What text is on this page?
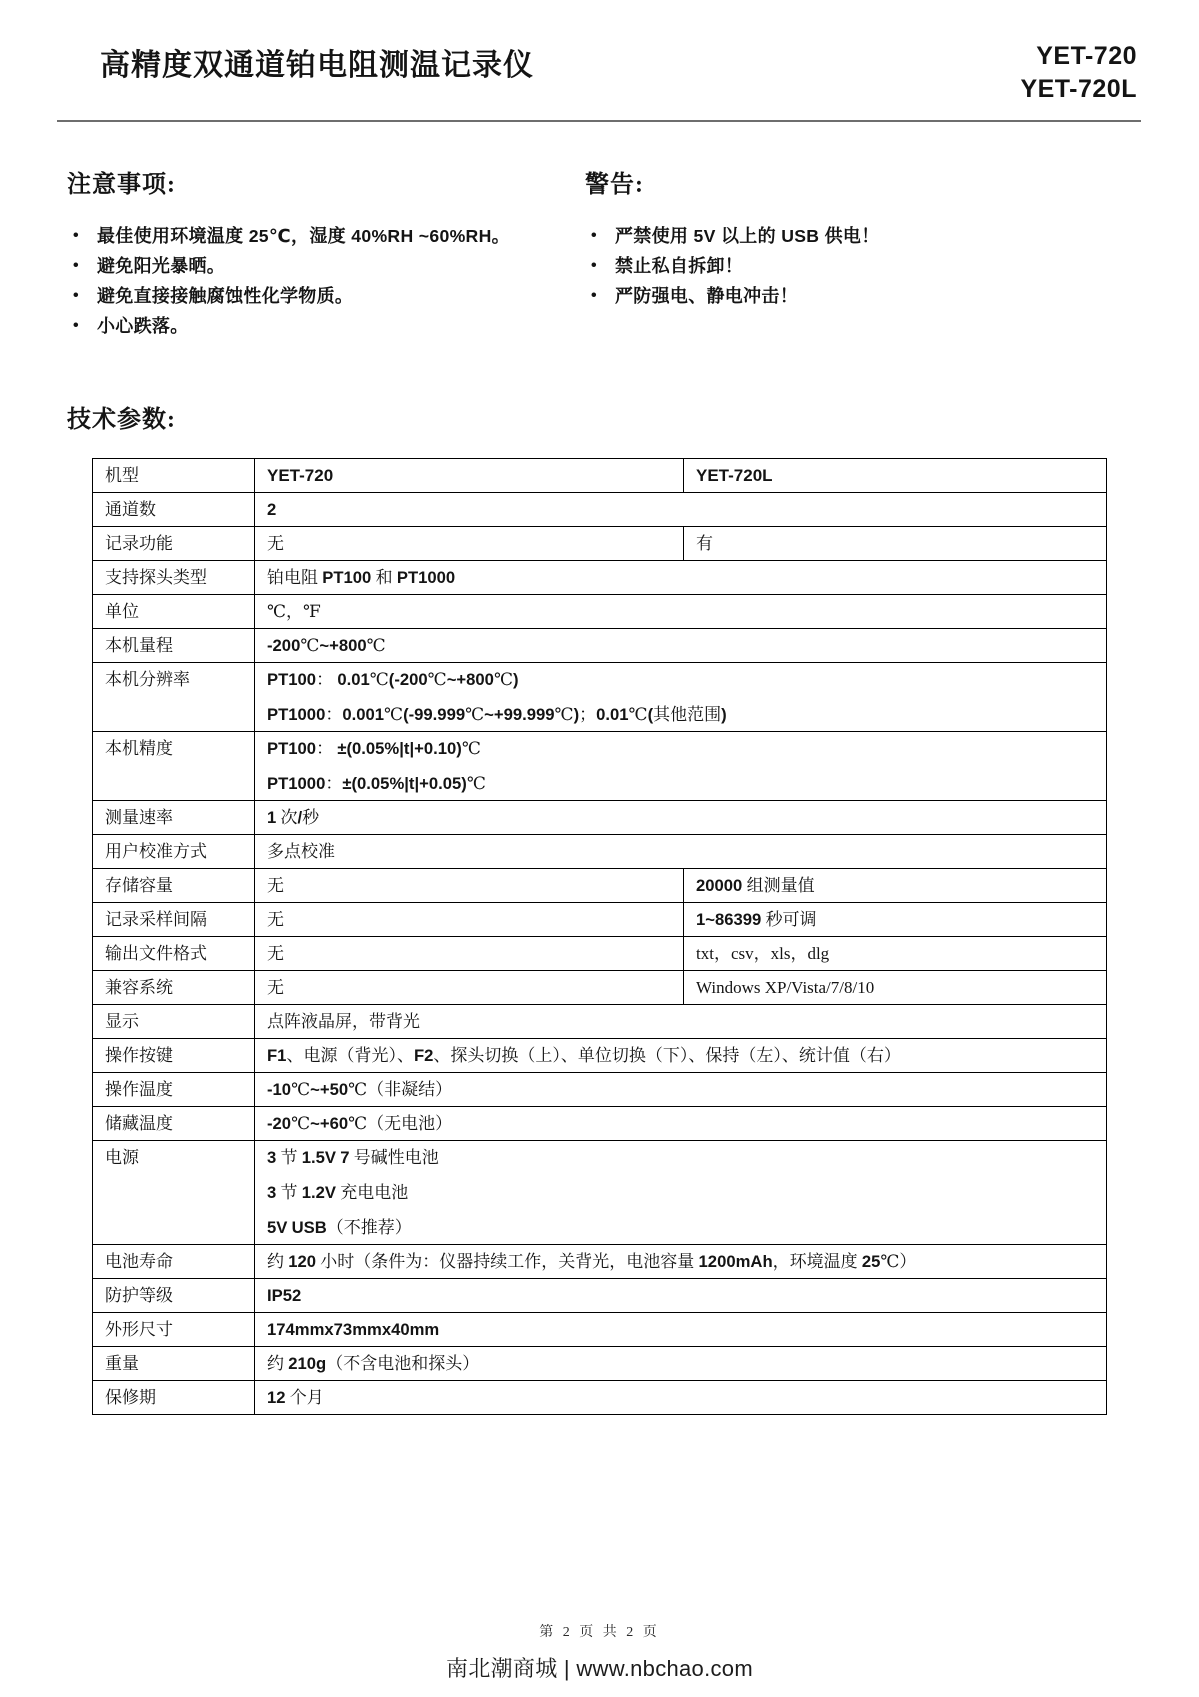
高精度双通道铂电阻测温记录仪	YET-720
YET-720L
注意事项:
•	最佳使用环境温度 25℃，湿度 40%RH ~60%RH。
•	避免阳光暴晒。
•	避免直接接触腐蚀性化学物质。
•	小心跌落。
警告:
•	严禁使用 5V 以上的 USB 供电！
•	禁止私自拆卸！
•	严防强电、静电冲击！
技术参数:
机型	YET-720	YET-720L

通道数	2	

记录功能	无	有

支持探头类型	铂电阻 PT100 和 PT1000	

单位	℃，℉	

本机量程	-200℃~+800℃	

本机分辨率	PT100： 0.01℃(-200℃~+800℃)
PT1000：0.001℃(-99.999℃~+99.999℃)；0.01℃(其他范围)	

本机精度	PT100： ±(0.05%|t|+0.10)℃
PT1000：±(0.05%|t|+0.05)℃	

测量速率	1 次/秒	

用户校准方式	多点校准	

存储容量	无	20000 组测量值

记录采样间隔	无	1~86399 秒可调

输出文件格式	无	txt，csv，xls，dlg

兼容系统	无	Windows XP/Vista/7/8/10

显示	点阵液晶屏，带背光	

操作按键	F1、电源（背光）、F2、探头切换（上）、单位切换（下）、保持（左）、统计值（右）	

操作温度	-10℃~+50℃（非凝结）	

储藏温度	-20℃~+60℃（无电池）	

电源	3 节 1.5V 7 号碱性电池
3 节 1.2V 充电电池
5V USB（不推荐）	

电池寿命	约 120 小时（条件为：仪器持续工作，关背光，电池容量 1200mAh，环境温度 25℃）	

防护等级	IP52	

外形尺寸	174mmx73mmx40mm	

重量	约 210g（不含电池和探头）	

保修期	12 个月	
第 2 页 共 2 页
南北潮商城 | www.nbchao.com
